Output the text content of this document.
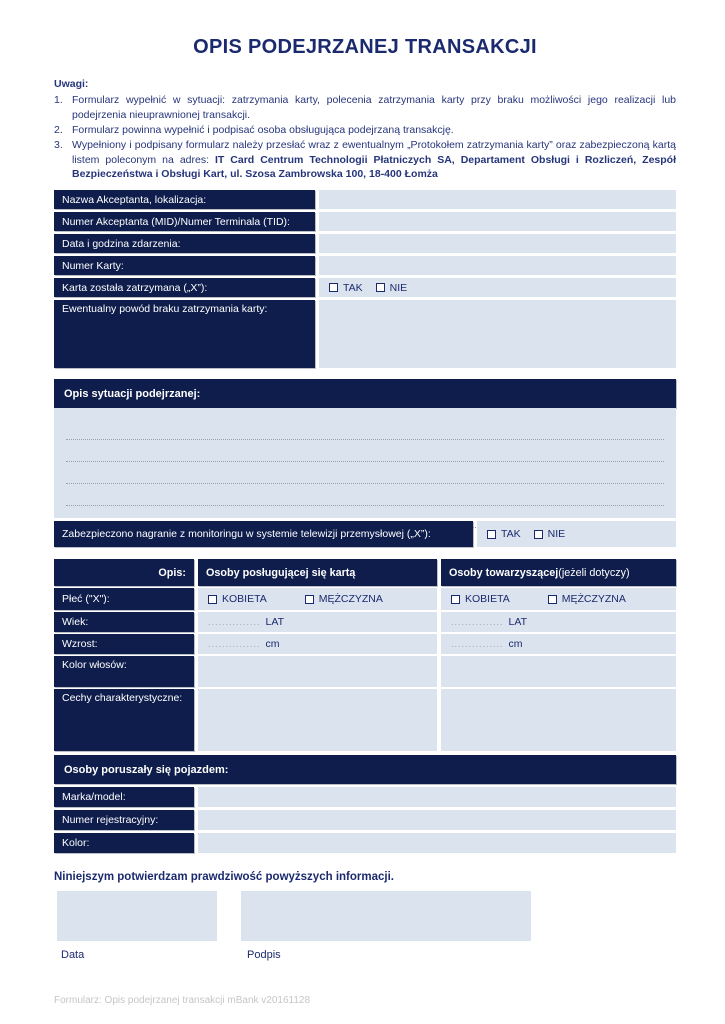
OPIS PODEJRZANEJ TRANSAKCJI
Uwagi:
1. Formularz wypełnić w sytuacji: zatrzymania karty, polecenia zatrzymania karty przy braku możliwości jego realizacji lub podejrzenia nieuprawnionej transakcji.
2. Formularz powinna wypełnić i podpisać osoba obsługująca podejrzaną transakcję.
3. Wypełniony i podpisany formularz należy przesłać wraz z ewentualnym „Protokołem zatrzymania karty” oraz zabezpieczoną kartą listem poleconym na adres: IT Card Centrum Technologii Płatniczych SA, Departament Obsługi i Rozliczeń, Zespół Bezpieczeństwa i Obsługi Kart, ul. Szosa Zambrowska 100, 18-400 Łomża
Nazwa Akceptanta, lokalizacja:
Numer Akceptanta (MID)/Numer Terminala (TID):
Data i godzina zdarzenia:
Numer Karty:
Karta została zatrzymana („X”):	TAK	NIE
Ewentualny powód braku zatrzymania karty:
Opis sytuacji podejrzanej:
Zabezpieczono nagranie z monitoringu w systemie telewizji przemysłowej („X”):	TAK	NIE
Opis:	Osoby posługującej się kartą	Osoby towarzyszącej (jeżeli dotyczy)
Płeć ("X"):	KOBIETA	MĘŻCZYZNA	KOBIETA	MĘŻCZYZNA
Wiek:	............... LAT	............... LAT
Wzrost:	............... cm	............... cm
Kolor włosów:
Cechy charakterystyczne:
Osoby poruszały się pojazdem:
Marka/model:
Numer rejestracyjny:
Kolor:
Niniejszym potwierdzam prawdziwość powyższych informacji.
Data	Podpis
Formularz: Opis podejrzanej transakcji mBank v20161128
